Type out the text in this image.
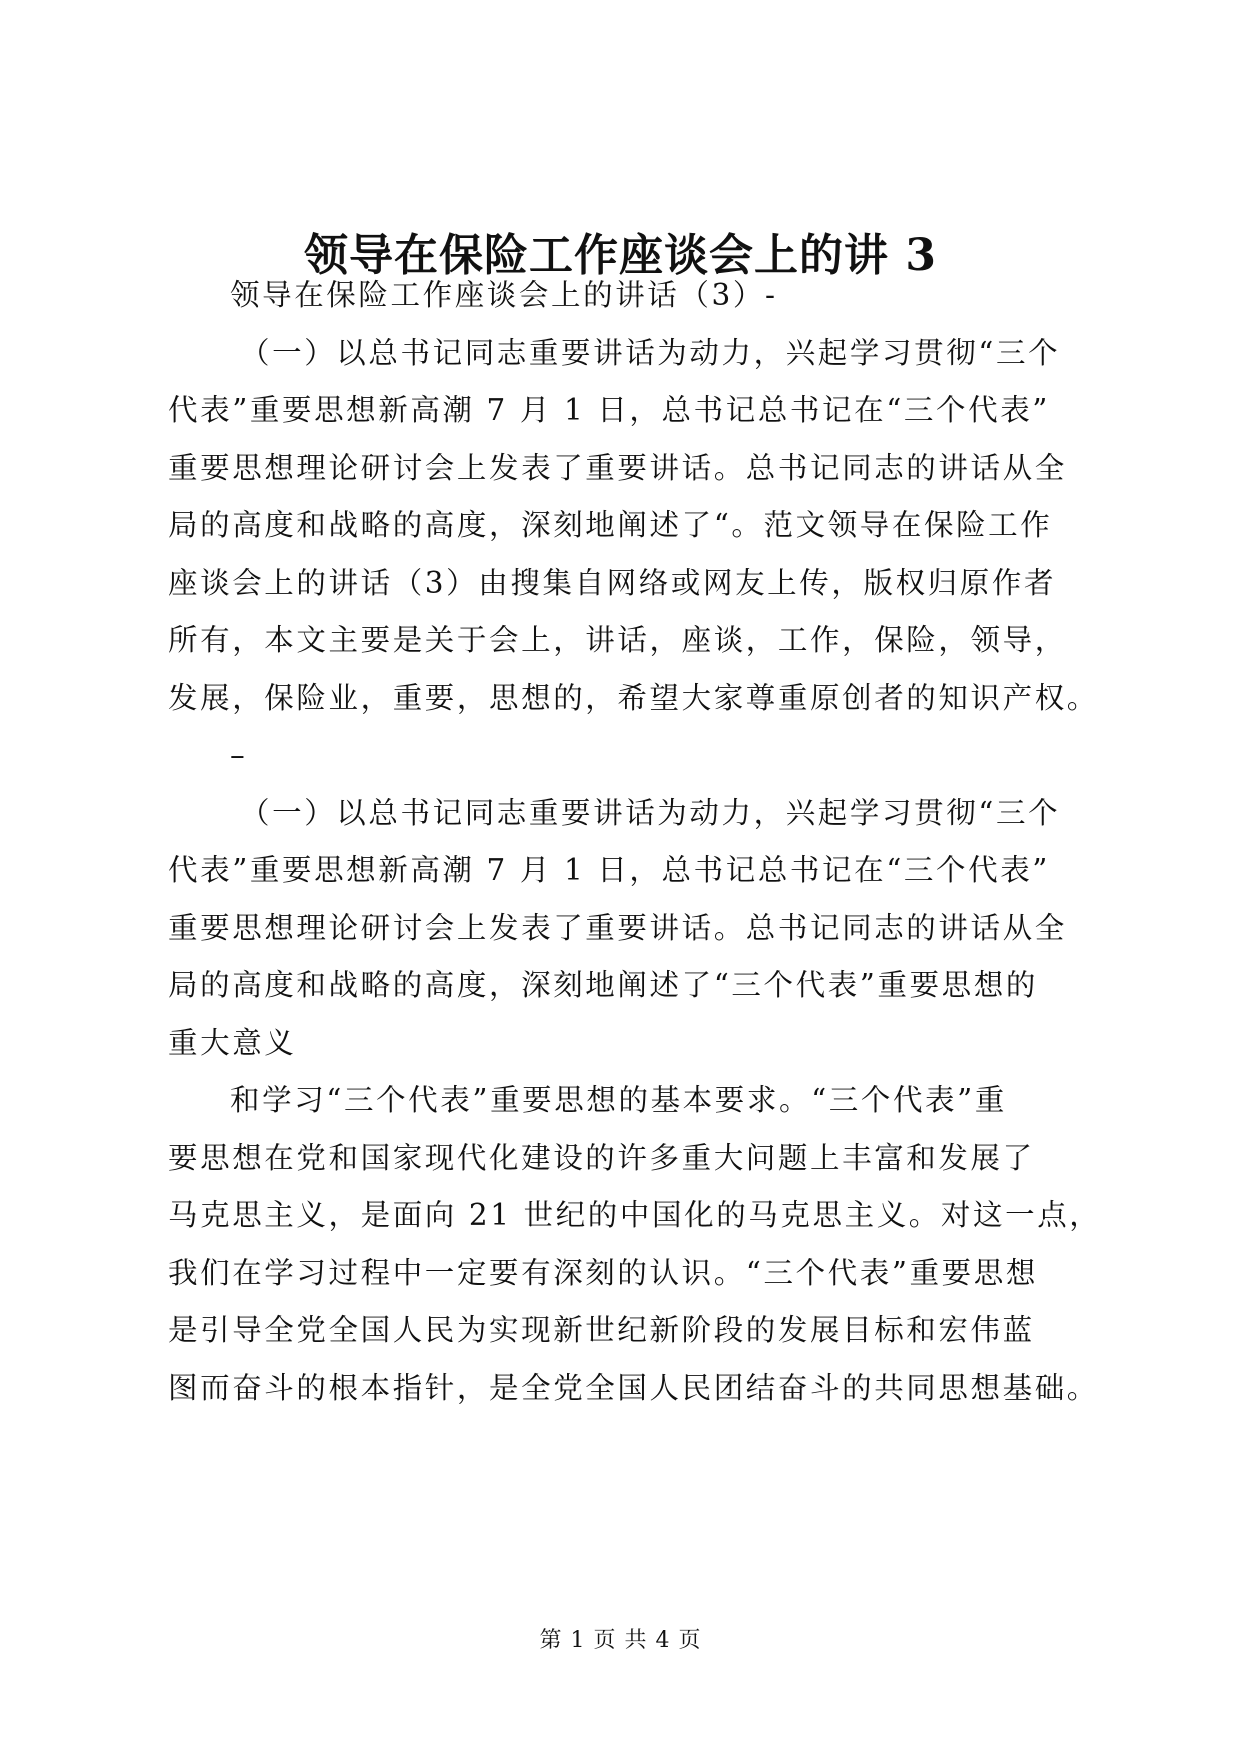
领导在保险工作座谈会上的讲 3
领导在保险工作座谈会上的讲话（3）-
（一）以总书记同志重要讲话为动力，兴起学习贯彻“三个
代表”重要思想新高潮 7 月 1 日，总书记总书记在“三个代表”
重要思想理论研讨会上发表了重要讲话。总书记同志的讲话从全
局的高度和战略的高度，深刻地阐述了“。范文领导在保险工作
座谈会上的讲话（3）由搜集自网络或网友上传，版权归原作者
所有，本文主要是关于会上，讲话，座谈，工作，保险，领导，
发展，保险业，重要，思想的，希望大家尊重原创者的知识产权。
–
（一）以总书记同志重要讲话为动力，兴起学习贯彻“三个
代表”重要思想新高潮 7 月 1 日，总书记总书记在“三个代表”
重要思想理论研讨会上发表了重要讲话。总书记同志的讲话从全
局的高度和战略的高度，深刻地阐述了“三个代表”重要思想的
重大意义
和学习“三个代表”重要思想的基本要求。“三个代表”重
要思想在党和国家现代化建设的许多重大问题上丰富和发展了
马克思主义，是面向 21 世纪的中国化的马克思主义。对这一点，
我们在学习过程中一定要有深刻的认识。“三个代表”重要思想
是引导全党全国人民为实现新世纪新阶段的发展目标和宏伟蓝
图而奋斗的根本指针，是全党全国人民团结奋斗的共同思想基础。
第 1 页 共 4 页
